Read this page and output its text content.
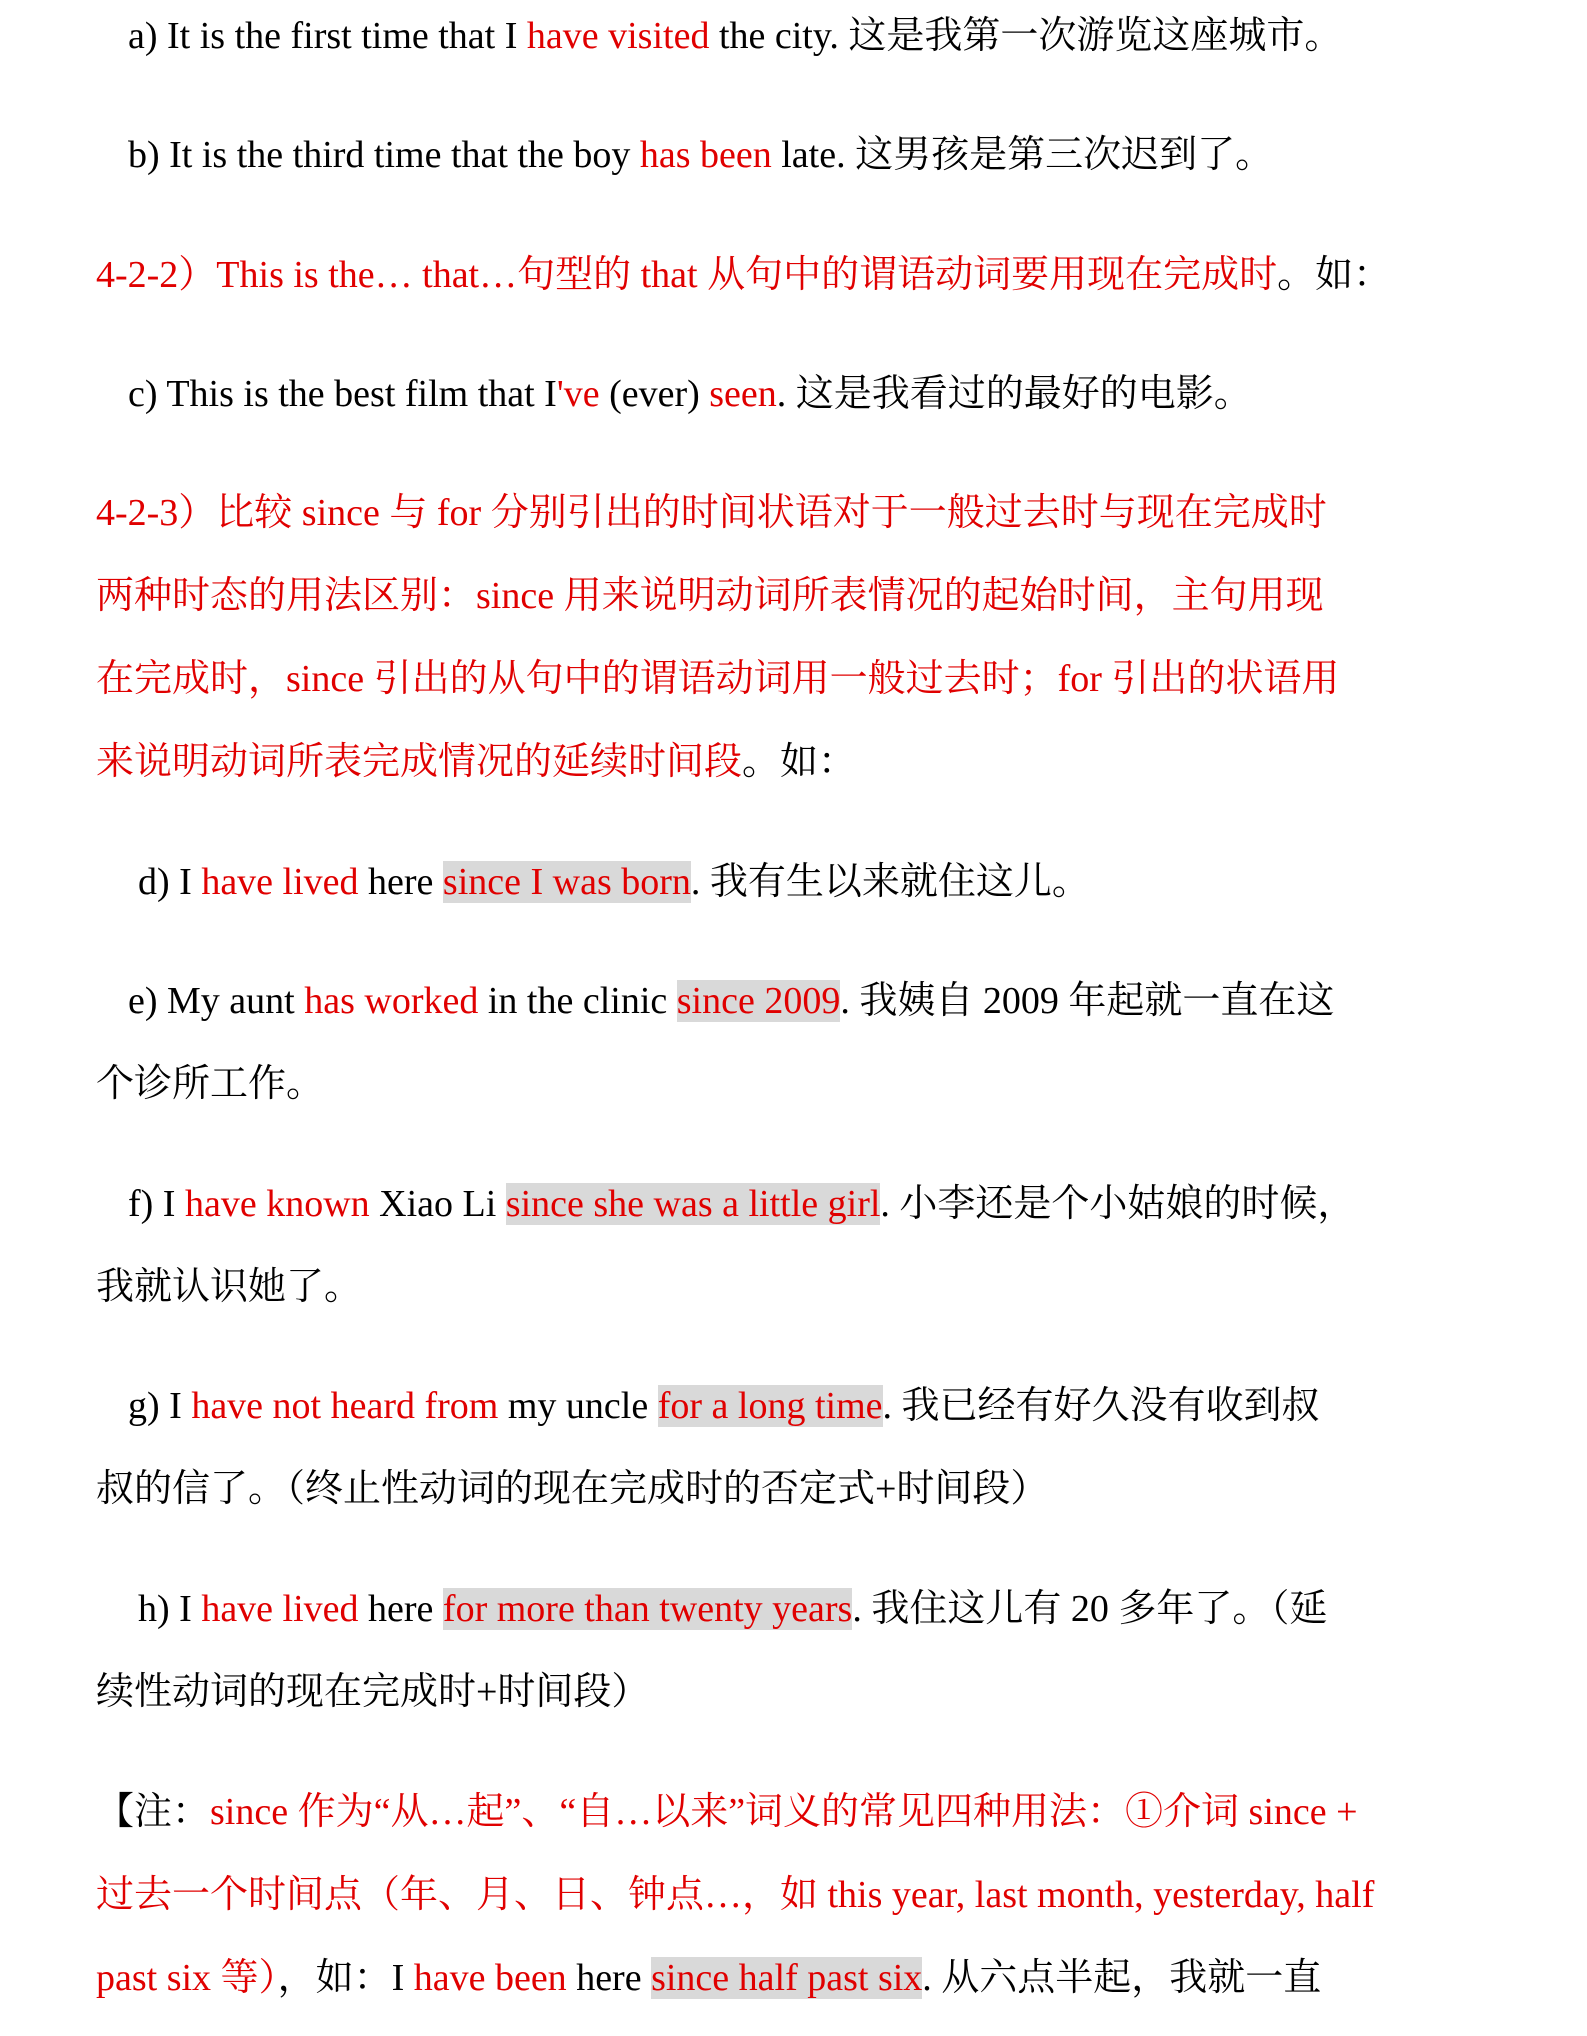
a) It is the first time that I have visited the city. 这是我第一次游览这座城市。
b) It is the third time that the boy has been late. 这男孩是第三次迟到了。
4-2-2）This is the… that…句型的 that 从句中的谓语动词要用现在完成时。如：
c) This is the best film that I've (ever) seen. 这是我看过的最好的电影。
4-2-3）比较 since 与 for 分别引出的时间状语对于一般过去时与现在完成时
两种时态的用法区别：since 用来说明动词所表情况的起始时间，主句用现
在完成时，since 引出的从句中的谓语动词用一般过去时；for 引出的状语用
来说明动词所表完成情况的延续时间段。如：
d) I have lived here since I was born. 我有生以来就住这儿。
e) My aunt has worked in the clinic since 2009. 我姨自 2009 年起就一直在这
个诊所工作。
f) I have known Xiao Li since she was a little girl. 小李还是个小姑娘的时候，
我就认识她了。
g) I have not heard from my uncle for a long time. 我已经有好久没有收到叔
叔的信了。（终止性动词的现在完成时的否定式+时间段）
h) I have lived here for more than twenty years. 我住这儿有 20 多年了。（延
续性动词的现在完成时+时间段）
【注：since 作为“从…起”、“自…以来”词义的常见四种用法：①介词 since +
过去一个时间点（年、月、日、钟点…，如 this year, last month, yesterday, half
past six 等），如：I have been here since half past six. 从六点半起，我就一直
